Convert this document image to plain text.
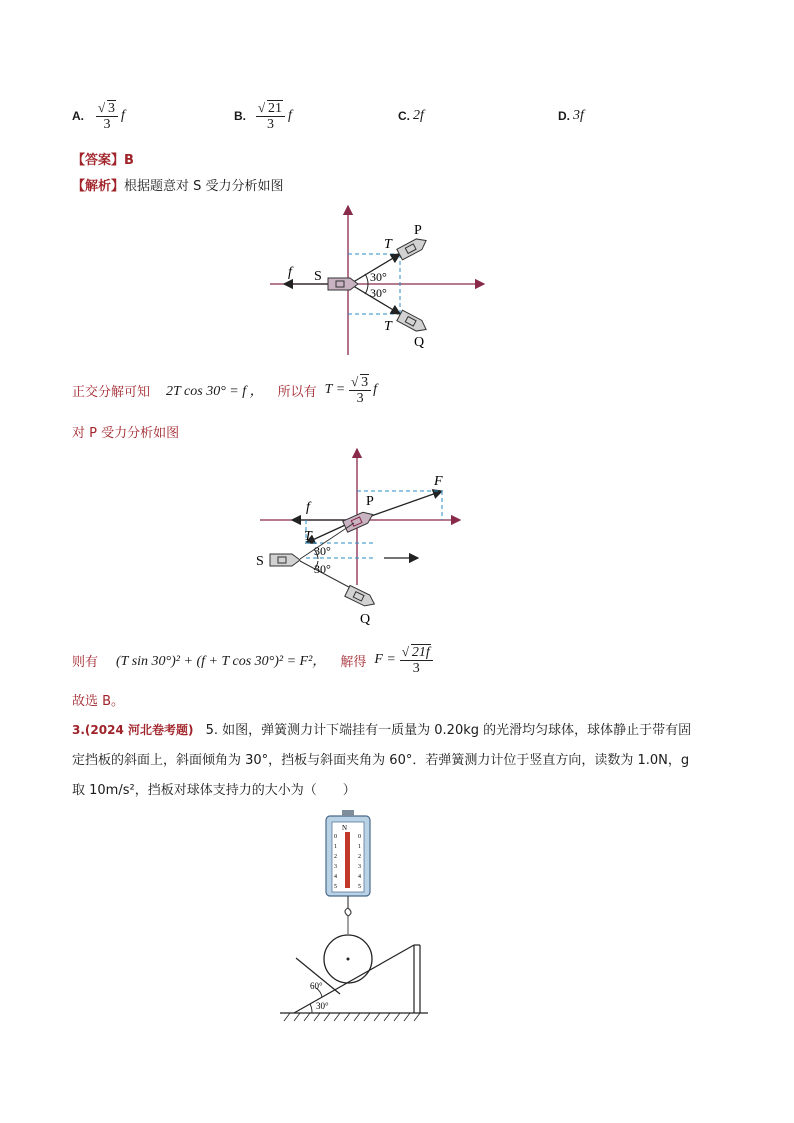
A. √ $\frac{3}{3}$ f	B. √ $\frac{21}{3}$ f	C. 2f	D. 3f
【答案】B
【解析】根据题意对 S 受力分析如图
f
T
T
30°
30°
S
P
Q
正交分解可知 2T cos 30° = f ， 所以有 T = √ $\frac{3}{3}$ f
对 P 受力分析如图
f
F
T
P
30°
30°
S
Q
则有 (T sin 30°)² + (f + T cos 30°)² = F²， 解得 F = √ $\frac{21f}{3}$
故选 B。
3.(2024 河北卷考题) 5. 如图，弹簧测力计下端挂有一质量为 0.20kg 的光滑均匀球体，球体静止于带有固
定挡板的斜面上，斜面倾角为 30°，挡板与斜面夹角为 60°．若弹簧测力计位于竖直方向，读数为 1.0N，g
取 10m/s²，挡板对球体支持力的大小为（　　）
N
0
1
2
3
4
5
0
1
2
3
4
5
60°
30°
